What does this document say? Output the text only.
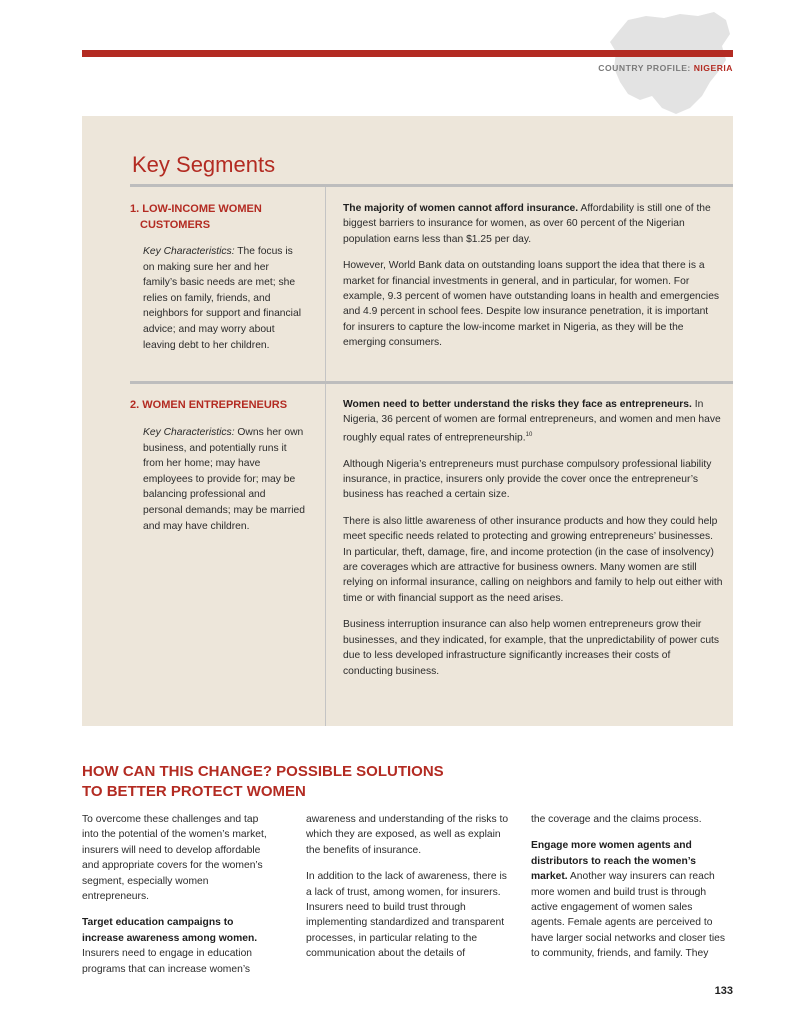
COUNTRY PROFILE: NIGERIA
Key Segments
1. LOW-INCOME WOMEN
CUSTOMERS

Key Characteristics: The focus is on making sure her and her family’s basic needs are met; she relies on family, friends, and neighbors for support and financial advice; and may worry about leaving debt to her children.

The majority of women cannot afford insurance. Affordability is still one of the biggest barriers to insurance for women, as over 60 percent of the Nigerian population earns less than $1.25 per day.

However, World Bank data on outstanding loans support the idea that there is a market for financial investments in general, and in particular, for women. For example, 9.3 percent of women have outstanding loans in health and emergencies and 4.9 percent in school fees. Despite low insurance penetration, it is important for insurers to capture the low-income market in Nigeria, as they will be the emerging consumers.

2. WOMEN ENTREPRENEURS

Key Characteristics: Owns her own business, and potentially runs it from her home; may have employees to provide for; may be balancing professional and personal demands; may be married and may have children.

Women need to better understand the risks they face as entrepreneurs. In Nigeria, 36 percent of women are formal entrepreneurs, and women and men have roughly equal rates of entrepreneurship.$^{10}$

Although Nigeria’s entrepreneurs must purchase compulsory professional liability insurance, in practice, insurers only provide the cover once the entrepreneur’s business has reached a certain size.

There is also little awareness of other insurance products and how they could help meet specific needs related to protecting and growing entrepreneurs’ businesses. In particular, theft, damage, fire, and income protection (in the case of insolvency) are coverages which are attractive for business owners. Many women are still relying on informal insurance, calling on neighbors and family to help out either with time or with financial support as the need arises.

Business interruption insurance can also help women entrepreneurs grow their businesses, and they indicated, for example, that the unpredictability of power cuts due to less developed infrastructure significantly increases their costs of conducting business.

HOW CAN THIS CHANGE? POSSIBLE SOLUTIONS
TO BETTER PROTECT WOMEN

To overcome these challenges and tap into the potential of the women’s market, insurers will need to develop affordable and appropriate covers for the women’s segment, especially women entrepreneurs.

Target education campaigns to increase awareness among women. Insurers need to engage in education programs that can increase women’s

awareness and understanding of the risks to which they are exposed, as well as explain the benefits of insurance.

In addition to the lack of awareness, there is a lack of trust, among women, for insurers. Insurers need to build trust through implementing standardized and transparent processes, in particular relating to the communication about the details of

the coverage and the claims process.

Engage more women agents and distributors to reach the women’s market. Another way insurers can reach more women and build trust is through active engagement of women sales agents. Female agents are perceived to have larger social networks and closer ties to community, friends, and family. They

133
